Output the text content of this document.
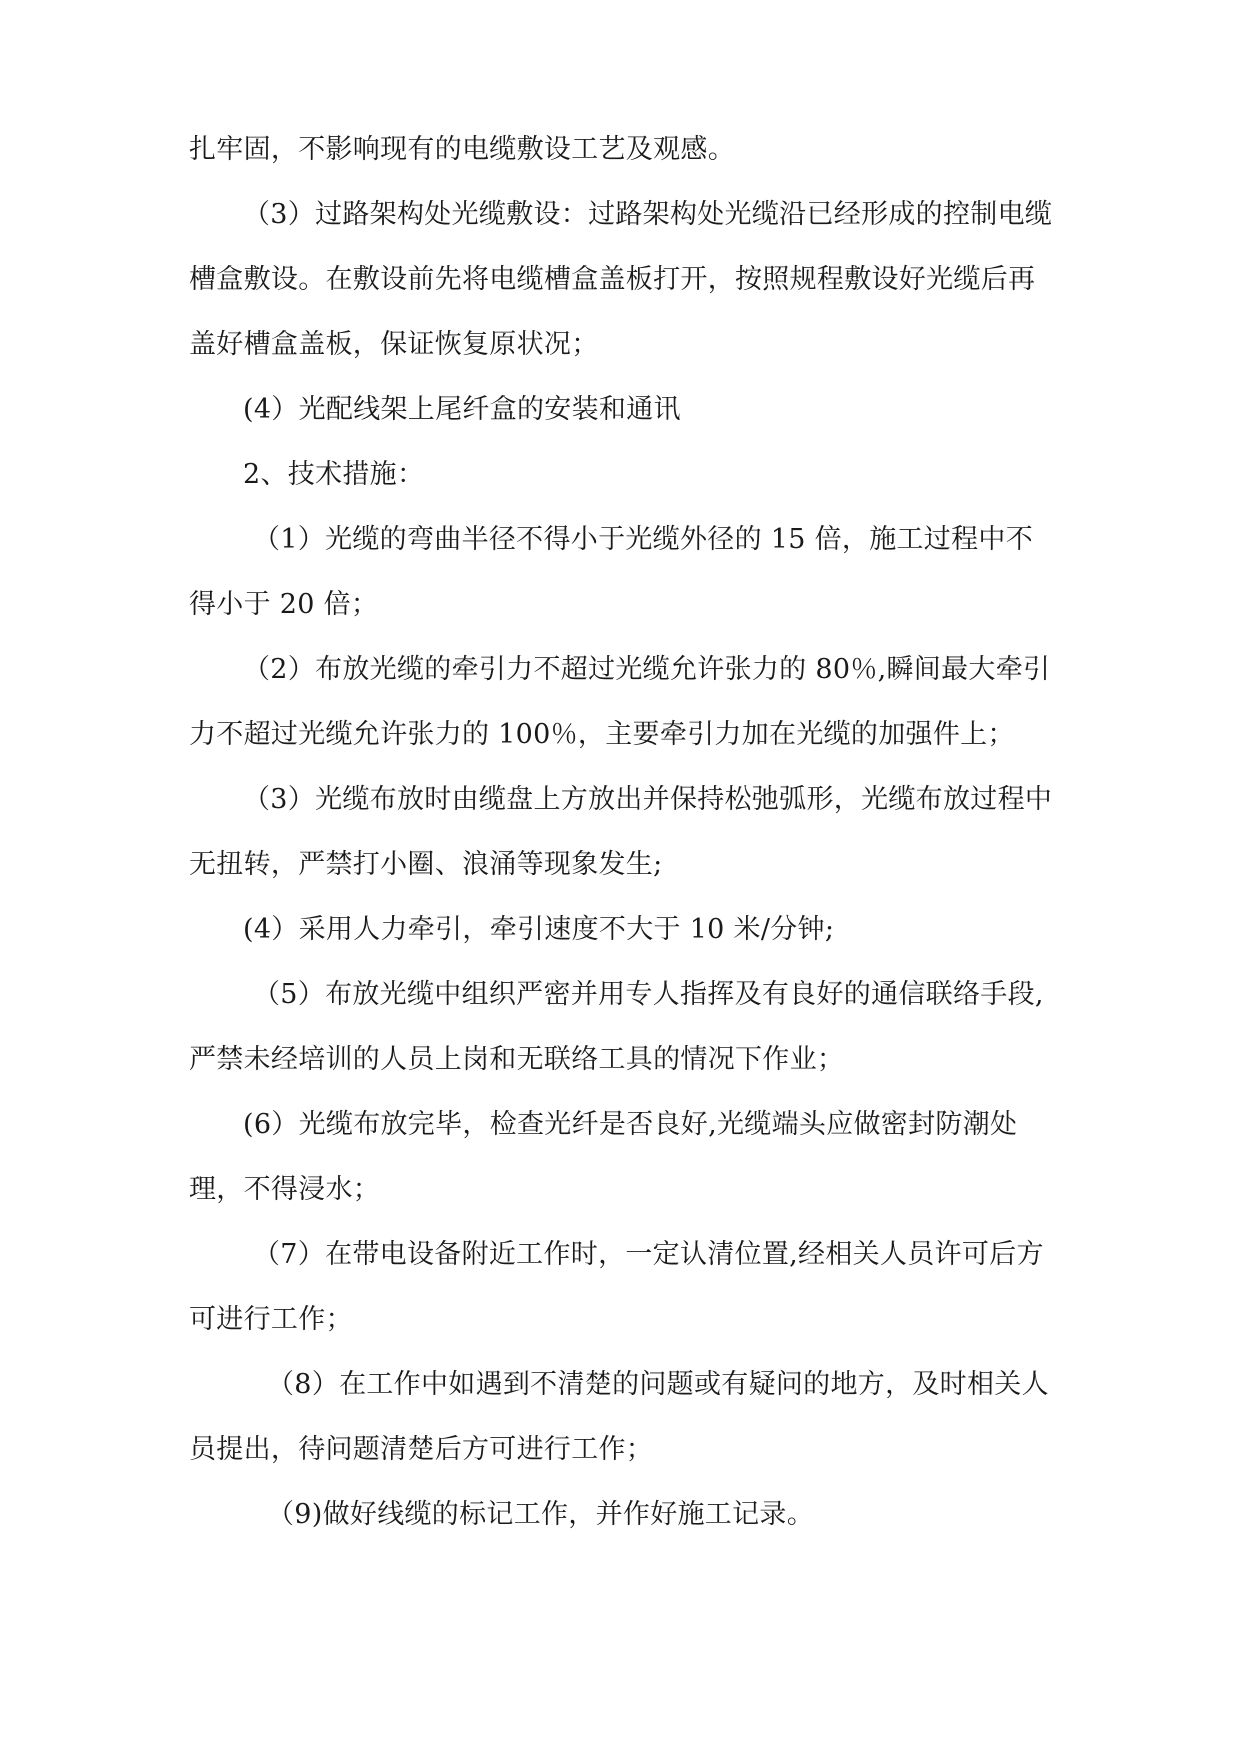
扎牢固，不影响现有的电缆敷设工艺及观感。

（3）过路架构处光缆敷设：过路架构处光缆沿已经形成的控制电缆槽盒敷设。在敷设前先将电缆槽盒盖板打开，按照规程敷设好光缆后再盖好槽盒盖板，保证恢复原状况；

(4）光配线架上尾纤盒的安装和通讯

2、技术措施：

（1）光缆的弯曲半径不得小于光缆外径的 15 倍，施工过程中不得小于 20 倍；

（2）布放光缆的牵引力不超过光缆允许张力的 80％,瞬间最大牵引力不超过光缆允许张力的 100％，主要牵引力加在光缆的加强件上；

（3）光缆布放时由缆盘上方放出并保持松弛弧形，光缆布放过程中无扭转，严禁打小圈、浪涌等现象发生;

(4）采用人力牵引，牵引速度不大于 10 米/分钟;

（5）布放光缆中组织严密并用专人指挥及有良好的通信联络手段,严禁未经培训的人员上岗和无联络工具的情况下作业；

(6）光缆布放完毕，检查光纤是否良好,光缆端头应做密封防潮处理，不得浸水；

（7）在带电设备附近工作时，一定认清位置,经相关人员许可后方可进行工作；

（8）在工作中如遇到不清楚的问题或有疑问的地方，及时相关人员提出，待问题清楚后方可进行工作；

（9)做好线缆的标记工作，并作好施工记录。
